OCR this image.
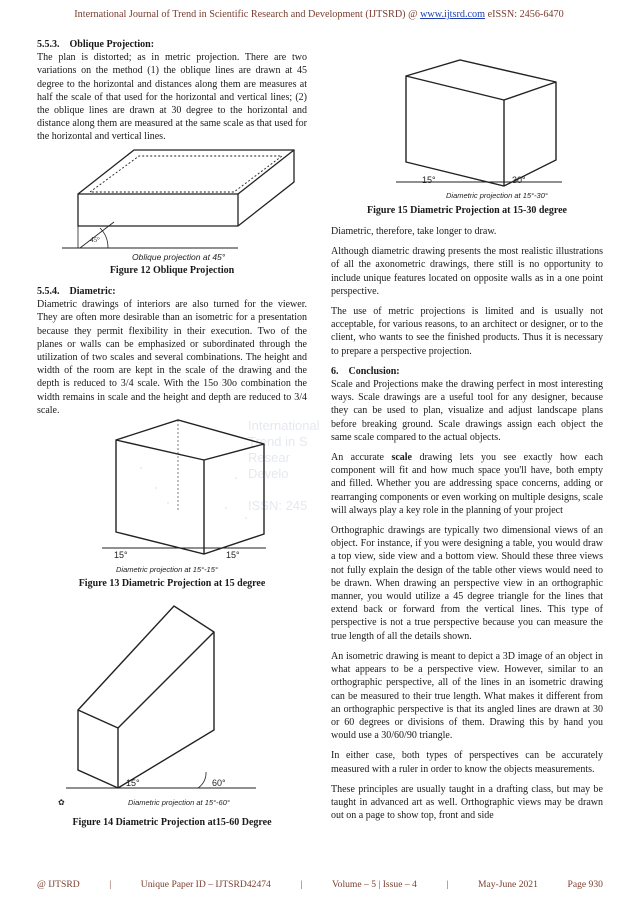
International Journal of Trend in Scientific Research and Development (IJTSRD) @ www.ijtsrd.com eISSN: 2456-6470
5.5.3.    Oblique Projection:
The plan is distorted; as in metric projection. There are two variations on the method (1) the oblique lines are drawn at 45 degree to the horizontal and distances along them are measures at half the scale of that used for the horizontal and vertical lines; (2) the oblique lines are drawn at 30 degree to the horizontal and distance along them are measured at the same scale as that used for the horizontal and vertical lines.
45°
Oblique projection at 45°
Figure 12 Oblique Projection
5.5.4.    Diametric:
Diametric drawings of interiors are also turned for the viewer. They are often more desirable than an isometric for a presentation because they permit flexibility in their execution. Two of the planes or walls can be emphasized or subordinated through the utilization of two scales and several combinations. The height and width of the room are kept in the scale of the drawing and the depth is reduced to 3/4 scale. With the 15o 30o combination the width remains in scale and the height and depth are reduced to 3/4 scale.
International
Trend in S
Resear
Develo

ISSN: 245
15°	15°
Diametric projection at 15°-15°
Figure 13 Diametric Projection at 15 degree
15°	60°
Diametric projection at 15°-60°
✿
Figure 14 Diametric Projection at15-60 Degree
15°	30°
Diametric projection at 15°-30°
Figure 15 Diametric Projection at 15-30 degree
Diametric, therefore, take longer to draw.
Although diametric drawing presents the most realistic illustrations of all the axonometric drawings, there still is no opportunity to include unique features located on opposite walls as in a one point perspective.
The use of metric projections is limited and is usually not acceptable, for various reasons, to an architect or designer, or to the client, who wants to see the finished products. Thus it is necessary to prepare a perspective projection.
6.    Conclusion:
Scale and Projections make the drawing perfect in most interesting ways. Scale drawings are a useful tool for any designer, because they can be used to plan, visualize and adjust landscape plans before breaking ground. Scale drawings assign each object the same scale compared to the actual objects.
An accurate scale drawing lets you see exactly how each component will fit and how much space you'll have, both empty and filled. Whether you are addressing space concerns, adding or rearranging components or even working on multiple designs, scale will always play a key role in the planning of your project
Orthographic drawings are typically two dimensional views of an object. For instance, if you were designing a table, you would draw a top view, side view and a bottom view. Should these three views not fully explain the design of the table other views would need to be drawn. When drawing an perspective view in an orthographic manner, you would utilize a 45 degree triangle for the lines that extend back or forward from the vertical lines. This type of perspective is not a true perspective because you can measure the true length of all the details shown.
An isometric drawing is meant to depict a 3D image of an object in what appears to be a perspective view. However, similar to an orthographic perspective, all of the lines in an isometric drawing can be measured to their true length. What makes it different from an orthographic perspective is that its angled lines are drawn at 30 or 60 degrees or divisions of them. Drawing this by hand you would use a 30/60/90 triangle.
In either case, both types of perspectives can be accurately measured with a ruler in order to know the objects measurements.
These principles are usually taught in a drafting class, but may be taught in advanced art as well. Orthographic views may be drawn out on a page to show top, front and side
@ IJTSRD	|	Unique Paper ID – IJTSRD42474	|	Volume – 5 | Issue – 4	|	May-June 2021	Page 930
